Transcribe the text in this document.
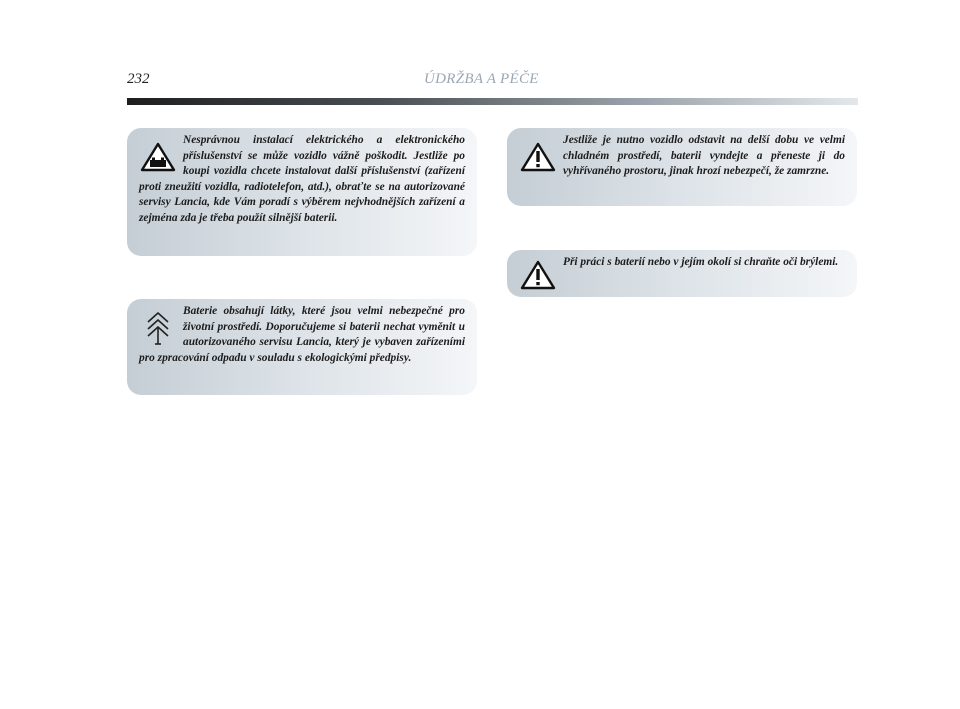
232	ÚDRŽBA A PÉČE

Nesprávnou instalací elektrického a elektronického příslušenství se může vozidlo vážně poškodit. Jestliže po koupi vozidla chcete instalovat další příslušenství (zařízení proti zneužití vozidla, radiotelefon, atd.), obraťte se na autorizované servisy Lancia, kde Vám poradí s výběrem nejvhodnějších zařízení a zejména zda je třeba použít silnější baterii.

Baterie obsahují látky, které jsou velmi nebezpečné pro životní prostředí. Doporučujeme si baterii nechat vyměnit u autorizovaného servisu Lancia, který je vybaven zařízeními pro zpracování odpadu v souladu s ekologickými předpisy.

Jestliže je nutno vozidlo odstavit na delší dobu ve velmi chladném prostředí, baterii vyndejte a přeneste ji do vyhřívaného prostoru, jinak hrozí nebezpečí, že zamrzne.

Při práci s baterií nebo v jejím okolí si chraňte oči brýlemi.
